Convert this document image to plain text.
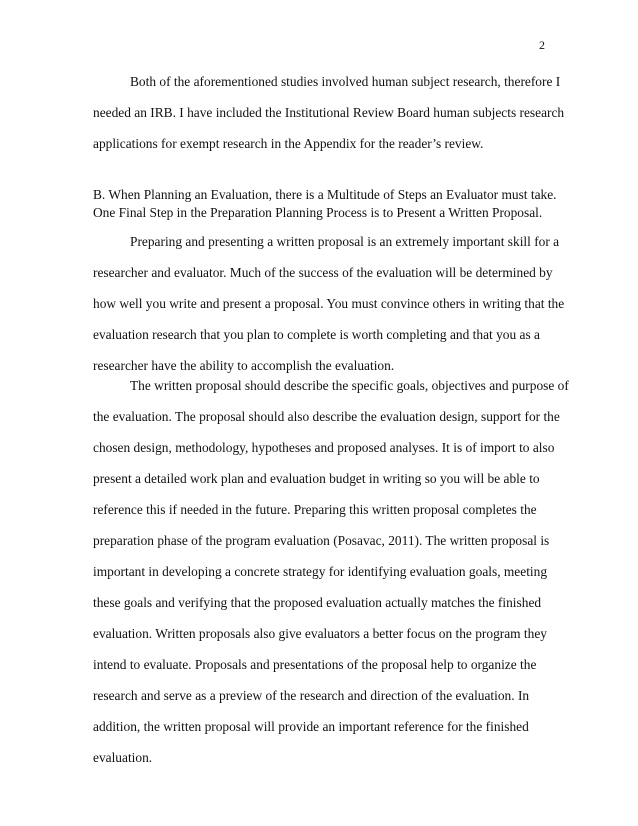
2
Both of the aforementioned studies involved human subject research, therefore I
needed an IRB. I have included the Institutional Review Board human subjects research
applications for exempt research in the Appendix for the reader’s review.
B. When Planning an Evaluation, there is a Multitude of Steps an Evaluator must take.
One Final Step in the Preparation Planning Process is to Present a Written Proposal.
Preparing and presenting a written proposal is an extremely important skill for a
researcher and evaluator. Much of the success of the evaluation will be determined by
how well you write and present a proposal. You must convince others in writing that the
evaluation research that you plan to complete is worth completing and that you as a
researcher have the ability to accomplish the evaluation.
The written proposal should describe the specific goals, objectives and purpose of
the evaluation. The proposal should also describe the evaluation design, support for the
chosen design, methodology, hypotheses and proposed analyses. It is of import to also
present a detailed work plan and evaluation budget in writing so you will be able to
reference this if needed in the future. Preparing this written proposal completes the
preparation phase of the program evaluation (Posavac, 2011). The written proposal is
important in developing a concrete strategy for identifying evaluation goals, meeting
these goals and verifying that the proposed evaluation actually matches the finished
evaluation. Written proposals also give evaluators a better focus on the program they
intend to evaluate. Proposals and presentations of the proposal help to organize the
research and serve as a preview of the research and direction of the evaluation. In
addition, the written proposal will provide an important reference for the finished
evaluation.
